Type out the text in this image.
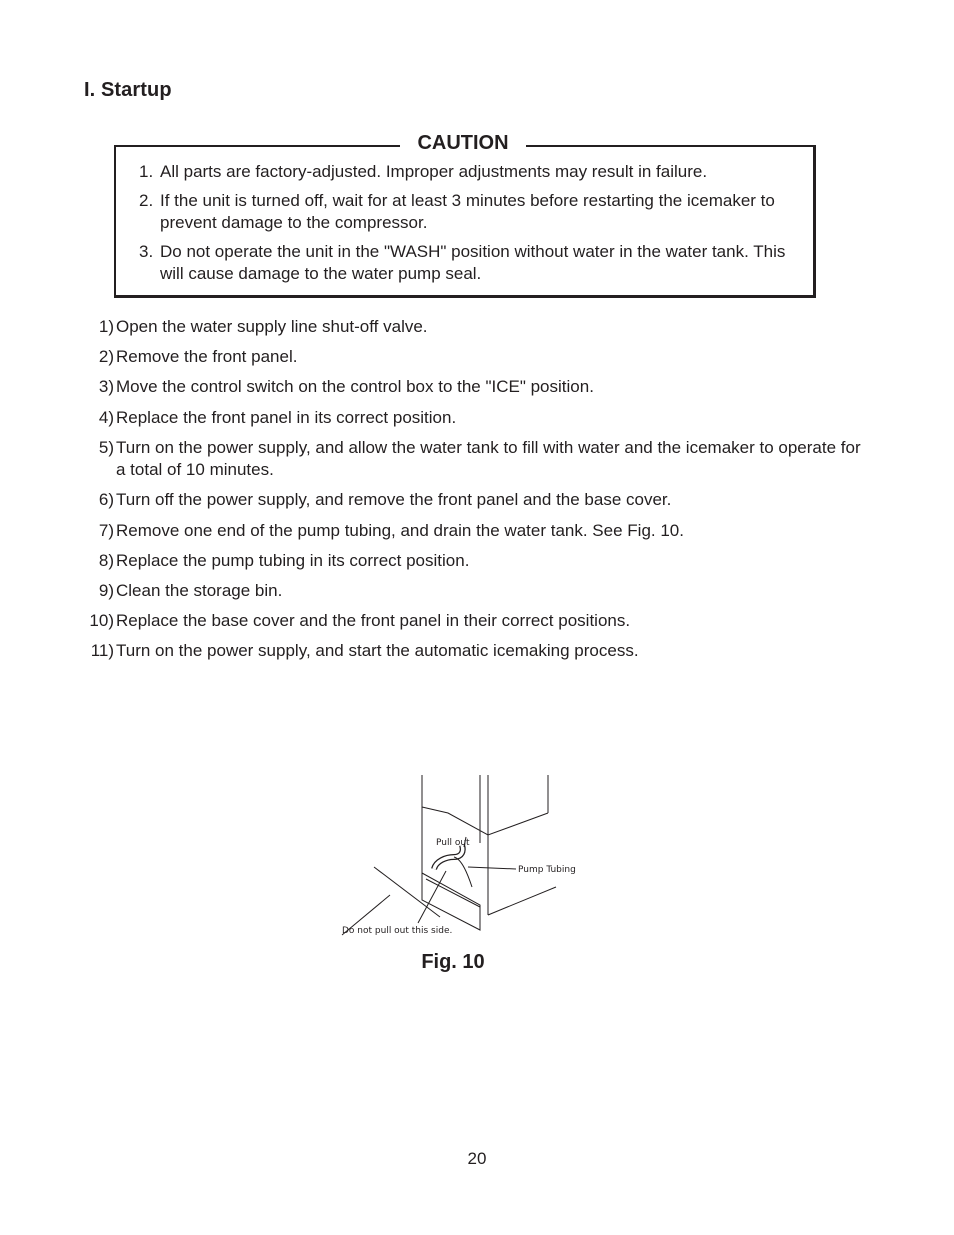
I. Startup
CAUTION
1. All parts are factory-adjusted. Improper adjustments may result in failure.
2. If the unit is turned off, wait for at least 3 minutes before restarting the icemaker to prevent damage to the compressor.
3. Do not operate the unit in the "WASH" position without water in the water tank. This will cause damage to the water pump seal.
1) Open the water supply line shut-off valve.
2) Remove the front panel.
3) Move the control switch on the control box to the "ICE" position.
4) Replace the front panel in its correct position.
5) Turn on the power supply, and allow the water tank to fill with water and the icemaker to operate for a total of 10 minutes.
6) Turn off the power supply, and remove the front panel and the base cover.
7) Remove one end of the pump tubing, and drain the water tank. See Fig. 10.
8) Replace the pump tubing in its correct position.
9) Clean the storage bin.
10) Replace the base cover and the front panel in their correct positions.
11) Turn on the power supply, and start the automatic icemaking process.
Pull out
Pump Tubing
Do not pull out this side.
Fig. 10
20
